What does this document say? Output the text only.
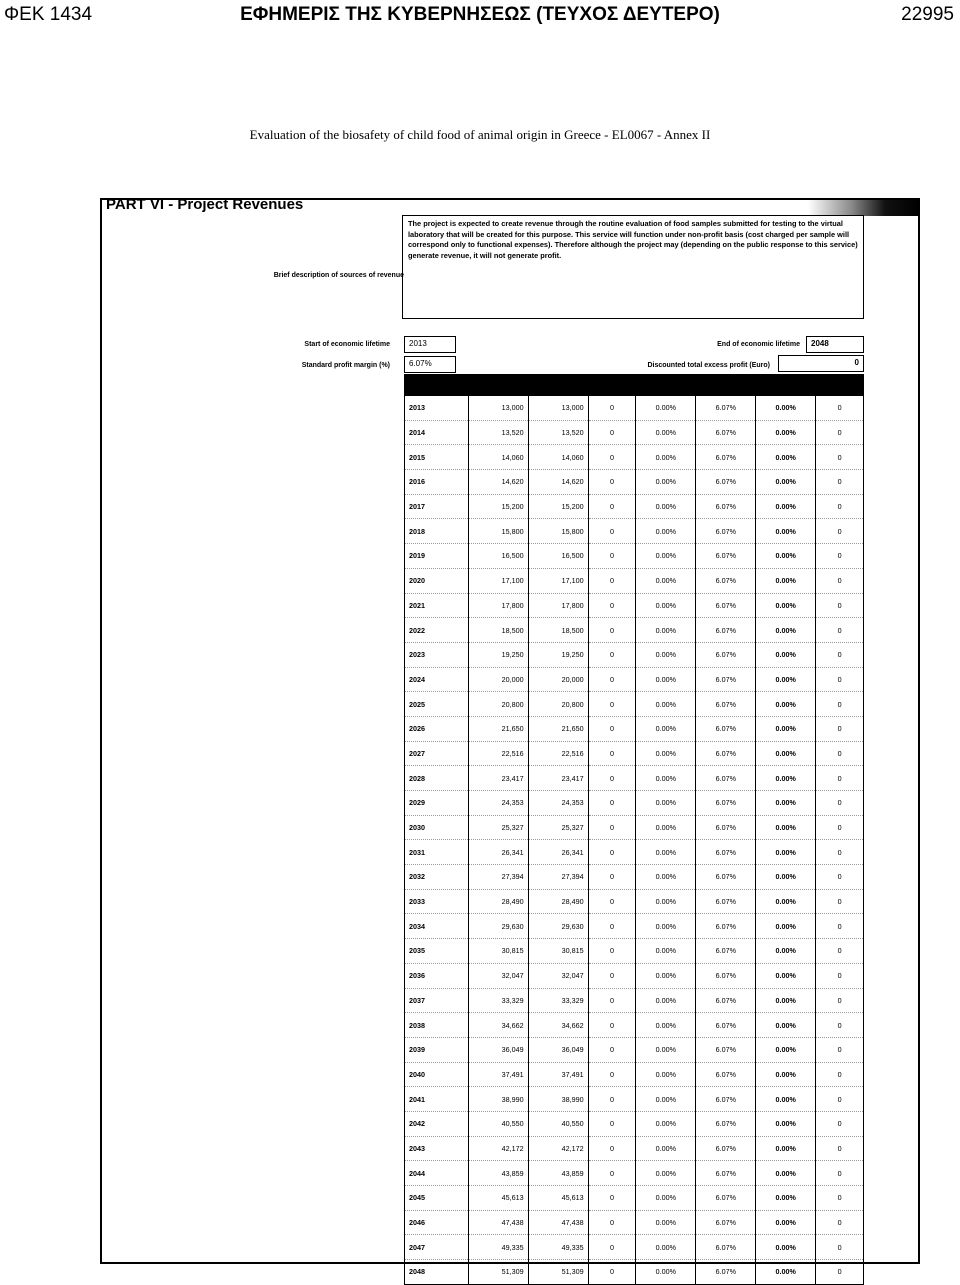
ΦΕΚ 1434	ΕΦΗΜΕΡΙΣ ΤΗΣ ΚΥΒΕΡΝΗΣΕΩΣ (ΤΕΥΧΟΣ ΔΕΥΤΕΡΟ)	22995
Evaluation of the biosafety of child food of animal origin in Greece - EL0067 - Annex II
PART VI - Project Revenues
Brief description of sources of revenue
The project is expected to create revenue through the routine evaluation of food samples submitted for testing to the virtual laboratory that will be created for this purpose. This service will function under non-profit basis (cost charged per sample will correspond only to functional expenses). Therefore although the project may (depending on the public response to this service) generate revenue, it will not generate profit.
Start of economic lifetime	2013	End of economic lifetime	2048
Standard profit margin (%)	6.07%	Discounted total excess profit (Euro)	0

2013	13,000	13,000	0	0.00%	6.07%	0.00%	0
2014	13,520	13,520	0	0.00%	6.07%	0.00%	0
2015	14,060	14,060	0	0.00%	6.07%	0.00%	0
2016	14,620	14,620	0	0.00%	6.07%	0.00%	0
2017	15,200	15,200	0	0.00%	6.07%	0.00%	0
2018	15,800	15,800	0	0.00%	6.07%	0.00%	0
2019	16,500	16,500	0	0.00%	6.07%	0.00%	0
2020	17,100	17,100	0	0.00%	6.07%	0.00%	0
2021	17,800	17,800	0	0.00%	6.07%	0.00%	0
2022	18,500	18,500	0	0.00%	6.07%	0.00%	0
2023	19,250	19,250	0	0.00%	6.07%	0.00%	0
2024	20,000	20,000	0	0.00%	6.07%	0.00%	0
2025	20,800	20,800	0	0.00%	6.07%	0.00%	0
2026	21,650	21,650	0	0.00%	6.07%	0.00%	0
2027	22,516	22,516	0	0.00%	6.07%	0.00%	0
2028	23,417	23,417	0	0.00%	6.07%	0.00%	0
2029	24,353	24,353	0	0.00%	6.07%	0.00%	0
2030	25,327	25,327	0	0.00%	6.07%	0.00%	0
2031	26,341	26,341	0	0.00%	6.07%	0.00%	0
2032	27,394	27,394	0	0.00%	6.07%	0.00%	0
2033	28,490	28,490	0	0.00%	6.07%	0.00%	0
2034	29,630	29,630	0	0.00%	6.07%	0.00%	0
2035	30,815	30,815	0	0.00%	6.07%	0.00%	0
2036	32,047	32,047	0	0.00%	6.07%	0.00%	0
2037	33,329	33,329	0	0.00%	6.07%	0.00%	0
2038	34,662	34,662	0	0.00%	6.07%	0.00%	0
2039	36,049	36,049	0	0.00%	6.07%	0.00%	0
2040	37,491	37,491	0	0.00%	6.07%	0.00%	0
2041	38,990	38,990	0	0.00%	6.07%	0.00%	0
2042	40,550	40,550	0	0.00%	6.07%	0.00%	0
2043	42,172	42,172	0	0.00%	6.07%	0.00%	0
2044	43,859	43,859	0	0.00%	6.07%	0.00%	0
2045	45,613	45,613	0	0.00%	6.07%	0.00%	0
2046	47,438	47,438	0	0.00%	6.07%	0.00%	0
2047	49,335	49,335	0	0.00%	6.07%	0.00%	0
2048	51,309	51,309	0	0.00%	6.07%	0.00%	0
